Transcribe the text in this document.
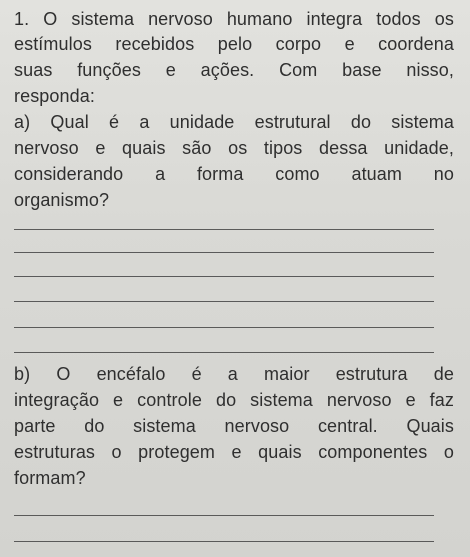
1. O sistema nervoso humano integra todos os
estímulos recebidos pelo corpo e coordena
suas funções e ações. Com base nisso,
responda:
a) Qual é a unidade estrutural do sistema
nervoso e quais são os tipos dessa unidade,
considerando a forma como atuam no
organismo?
b) O encéfalo é a maior estrutura de
integração e controle do sistema nervoso e faz
parte do sistema nervoso central. Quais
estruturas o protegem e quais componentes o
formam?
